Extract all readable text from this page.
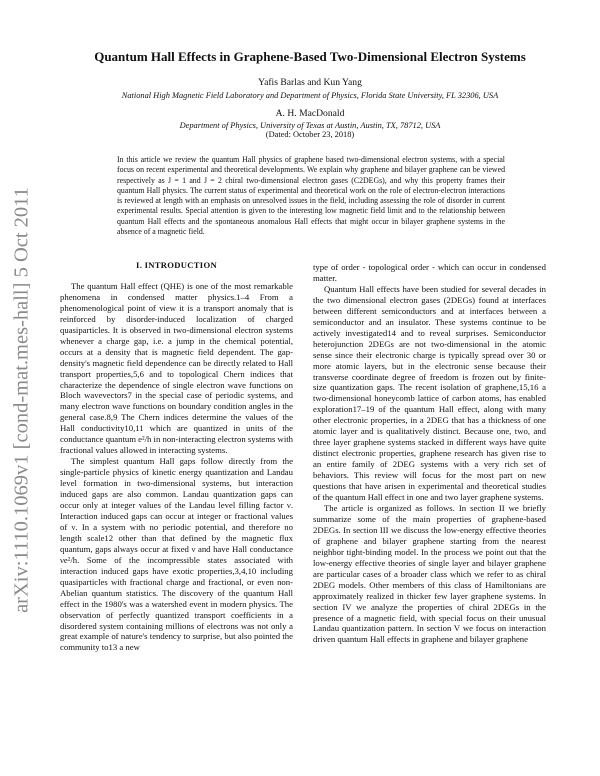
arXiv:1110.1069v1 [cond-mat.mes-hall] 5 Oct 2011
Quantum Hall Effects in Graphene-Based Two-Dimensional Electron Systems
Yafis Barlas and Kun Yang
National High Magnetic Field Laboratory and Department of Physics, Florida State University, FL 32306, USA
A. H. MacDonald
Department of Physics, University of Texas at Austin, Austin, TX, 78712, USA
(Dated: October 23, 2018)
In this article we review the quantum Hall physics of graphene based two-dimensional electron systems, with a special focus on recent experimental and theoretical developments. We explain why graphene and bilayer graphene can be viewed respectively as J = 1 and J = 2 chiral two-dimensional electron gases (C2DEGs), and why this property frames their quantum Hall physics. The current status of experimental and theoretical work on the role of electron-electron interactions is reviewed at length with an emphasis on unresolved issues in the field, including assessing the role of disorder in current experimental results. Special attention is given to the interesting low magnetic field limit and to the relationship between quantum Hall effects and the spontaneous anomalous Hall effects that might occur in bilayer graphene systems in the absence of a magnetic field.
I. INTRODUCTION

The quantum Hall effect (QHE) is one of the most remarkable phenomena in condensed matter physics.1–4 From a phenomenological point of view it is a transport anomaly that is reinforced by disorder-induced localization of charged quasiparticles. It is observed in two-dimensional electron systems whenever a charge gap, i.e. a jump in the chemical potential, occurs at a density that is magnetic field dependent. The gap-density's magnetic field dependence can be directly related to Hall transport properties,5,6 and to topological Chern indices that characterize the dependence of single electron wave functions on Bloch wavevectors7 in the special case of periodic systems, and many electron wave functions on boundary condition angles in the general case.8,9 The Chern indices determine the values of the Hall conductivity10,11 which are quantized in units of the conductance quantum e²/h in non-interacting electron systems with fractional values allowed in interacting systems.

The simplest quantum Hall gaps follow directly from the single-particle physics of kinetic energy quantization and Landau level formation in two-dimensional systems, but interaction induced gaps are also common. Landau quantization gaps can occur only at integer values of the Landau level filling factor ν. Interaction induced gaps can occur at integer or fractional values of ν. In a system with no periodic potential, and therefore no length scale12 other than that defined by the magnetic flux quantum, gaps always occur at fixed ν and have Hall conductance νe²/h. Some of the incompressible states associated with interaction induced gaps have exotic properties,3,4,10 including quasiparticles with fractional charge and fractional, or even non-Abelian quantum statistics. The discovery of the quantum Hall effect in the 1980's was a watershed event in modern physics. The observation of perfectly quantized transport coefficients in a disordered system containing millions of electrons was not only a great example of nature's tendency to surprise, but also pointed the community to13 a new

type of order - topological order - which can occur in condensed matter.

Quantum Hall effects have been studied for several decades in the two dimensional electron gases (2DEGs) found at interfaces between different semiconductors and at interfaces between a semiconductor and an insulator. These systems continue to be actively investigated14 and to reveal surprises. Semiconductor heterojunction 2DEGs are not two-dimensional in the atomic sense since their electronic charge is typically spread over 30 or more atomic layers, but in the electronic sense because their transverse coordinate degree of freedom is frozen out by finite-size quantization gaps. The recent isolation of graphene,15,16 a two-dimensional honeycomb lattice of carbon atoms, has enabled exploration17–19 of the quantum Hall effect, along with many other electronic properties, in a 2DEG that has a thickness of one atomic layer and is qualitatively distinct. Because one, two, and three layer graphene systems stacked in different ways have quite distinct electronic properties, graphene research has given rise to an entire family of 2DEG systems with a very rich set of behaviors. This review will focus for the most part on new questions that have arisen in experimental and theoretical studies of the quantum Hall effect in one and two layer graphene systems.

The article is organized as follows. In section II we briefly summarize some of the main properties of graphene-based 2DEGs. In section III we discuss the low-energy effective theories of graphene and bilayer graphene starting from the nearest neighbor tight-binding model. In the process we point out that the low-energy effective theories of single layer and bilayer graphene are particular cases of a broader class which we refer to as chiral 2DEG models. Other members of this class of Hamiltonians are approximately realized in thicker few layer graphene systems. In section IV we analyze the properties of chiral 2DEGs in the presence of a magnetic field, with special focus on their unusual Landau quantization pattern. In section V we focus on interaction driven quantum Hall effects in graphene and bilayer graphene
